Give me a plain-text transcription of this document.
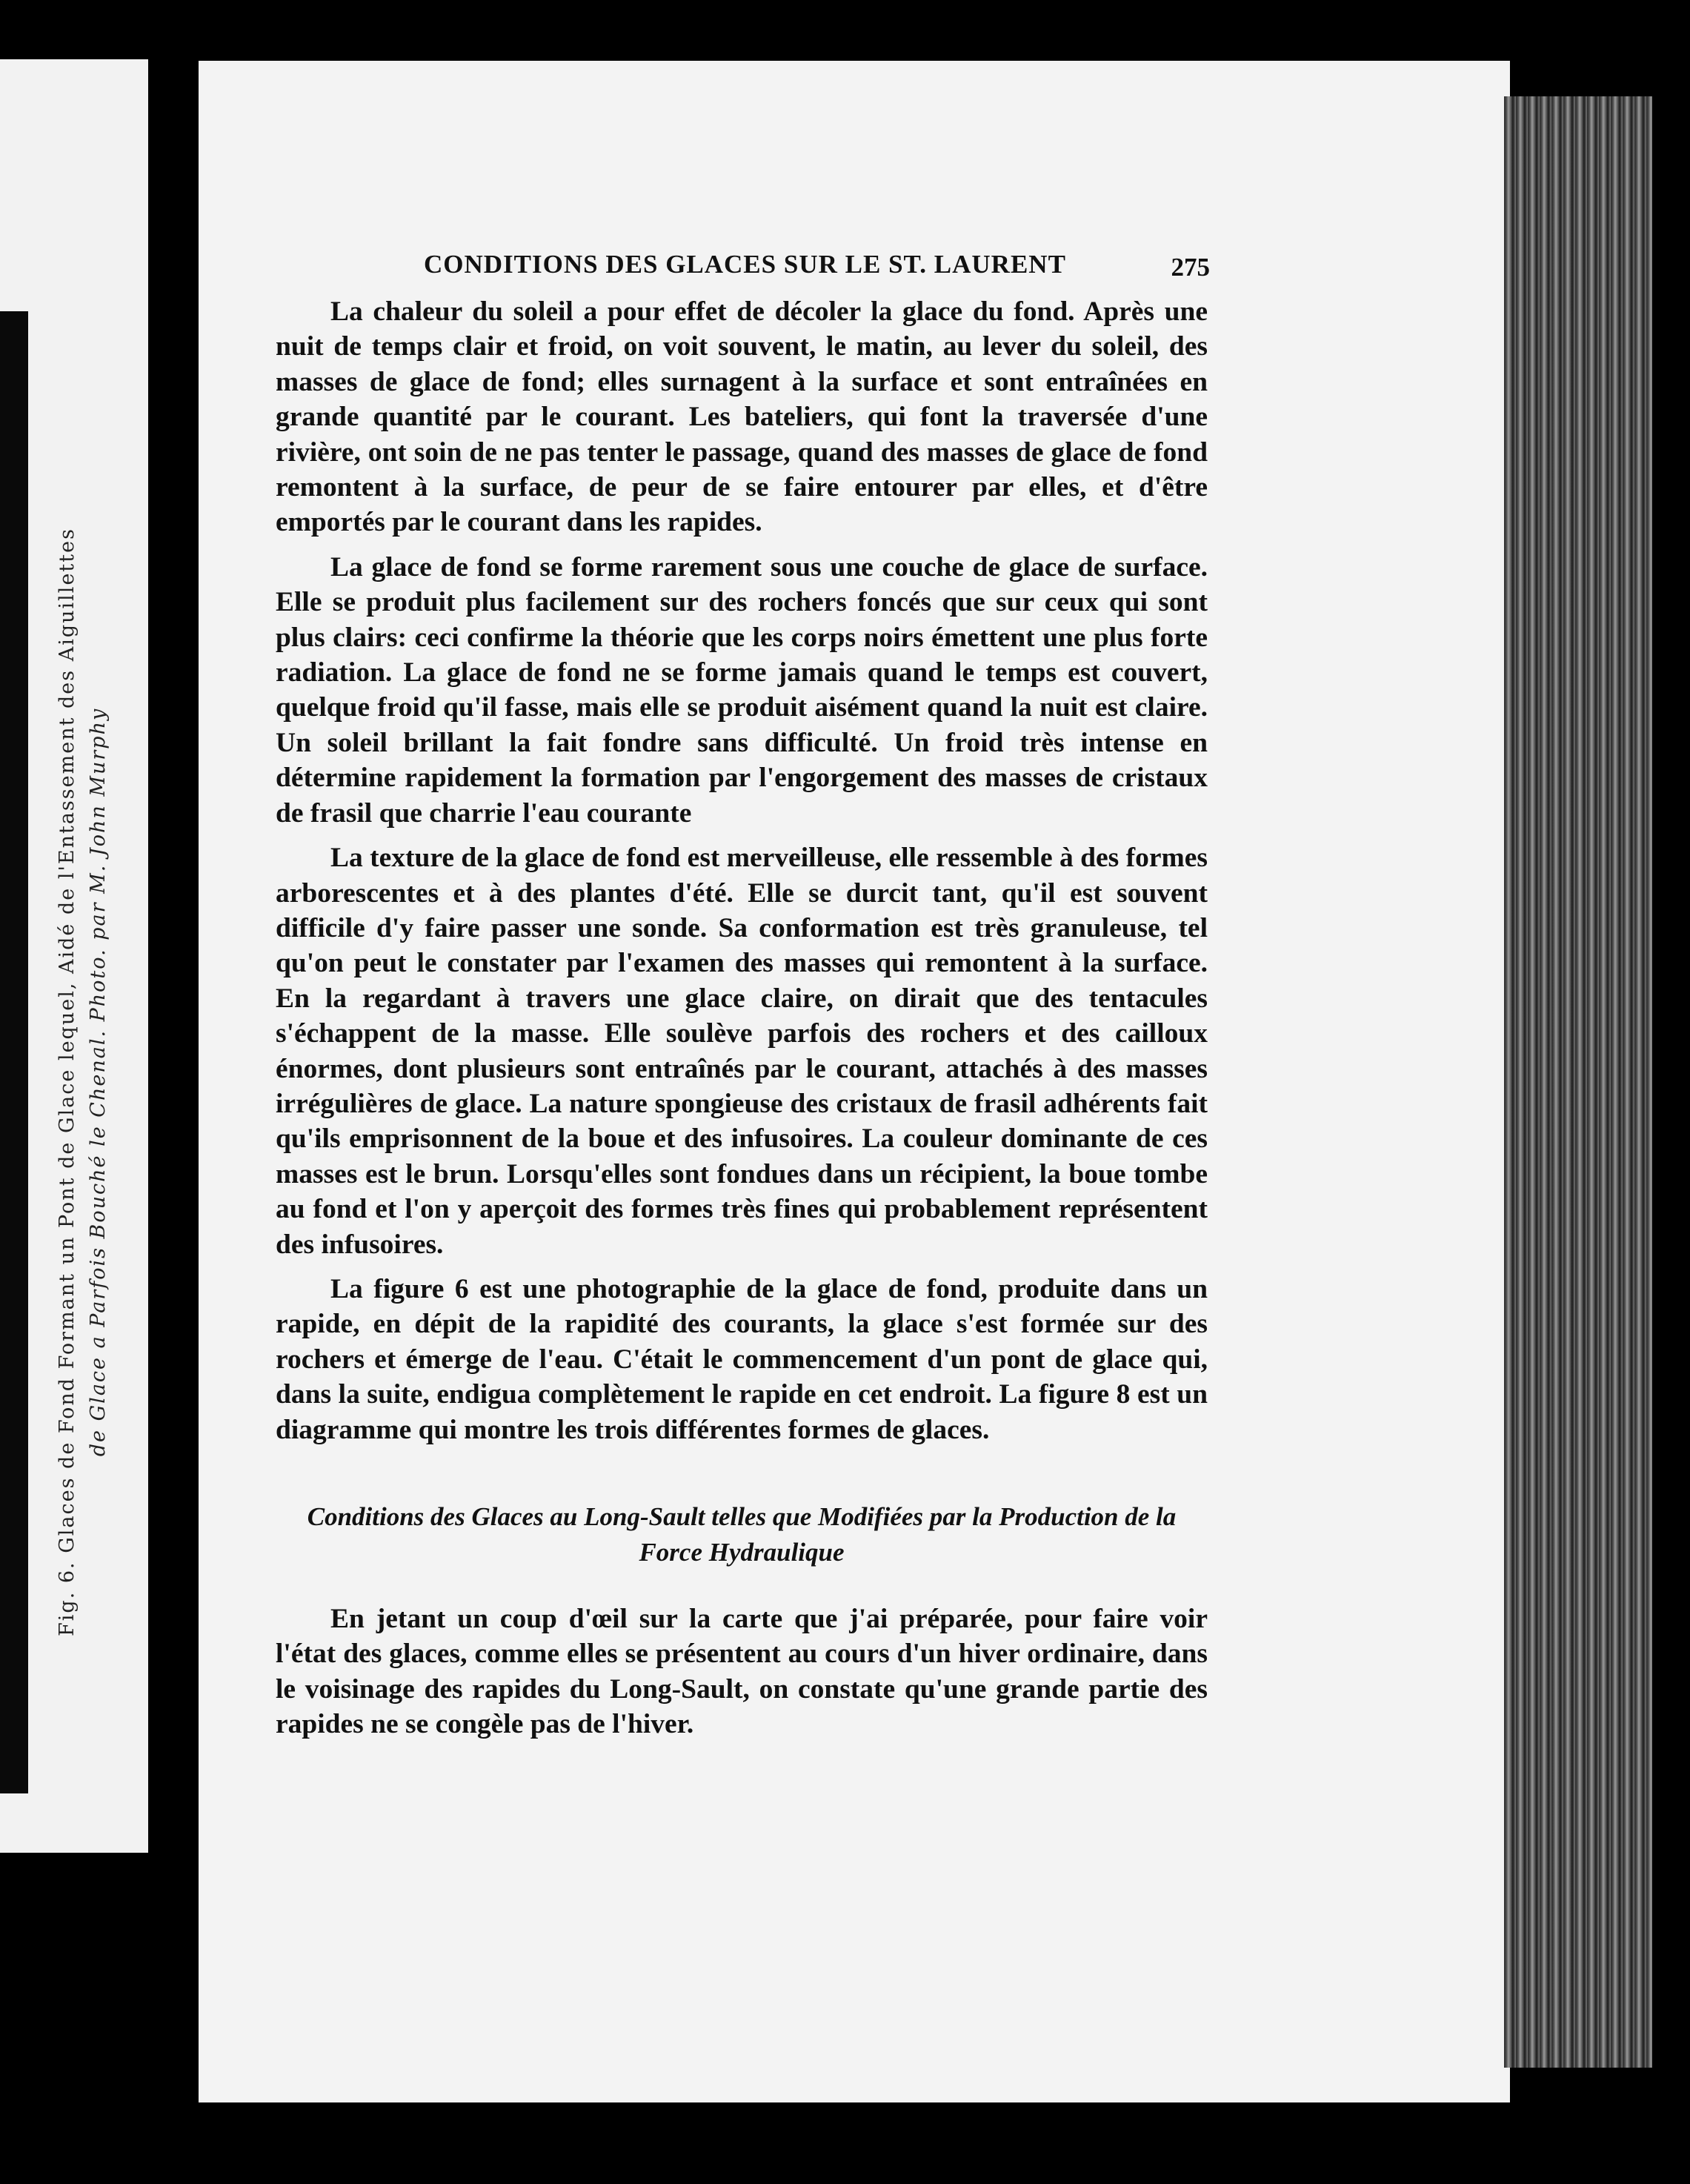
Fig. 6. Glaces de Fond Formant un Pont de Glace lequel, Aidé de l'Entassement des Aiguillettes de Glace a Parfois Bouché le Chenal. Photo. par M. John Murphy
CONDITIONS DES GLACES SUR LE ST. LAURENT	275

La chaleur du soleil a pour effet de décoler la glace du fond. Après une nuit de temps clair et froid, on voit souvent, le matin, au lever du soleil, des masses de glace de fond; elles surnagent à la surface et sont entraînées en grande quantité par le courant. Les bateliers, qui font la traversée d'une rivière, ont soin de ne pas tenter le passage, quand des masses de glace de fond remontent à la surface, de peur de se faire entourer par elles, et d'être emportés par le courant dans les rapides.

La glace de fond se forme rarement sous une couche de glace de surface. Elle se produit plus facilement sur des rochers foncés que sur ceux qui sont plus clairs: ceci confirme la théorie que les corps noirs émettent une plus forte radiation. La glace de fond ne se forme jamais quand le temps est couvert, quelque froid qu'il fasse, mais elle se produit aisément quand la nuit est claire. Un soleil brillant la fait fondre sans difficulté. Un froid très intense en détermine rapidement la formation par l'engorgement des masses de cristaux de frasil que charrie l'eau courante

La texture de la glace de fond est merveilleuse, elle ressemble à des formes arborescentes et à des plantes d'été. Elle se durcit tant, qu'il est souvent difficile d'y faire passer une sonde. Sa conformation est très granuleuse, tel qu'on peut le constater par l'examen des masses qui remontent à la surface. En la regardant à travers une glace claire, on dirait que des tentacules s'échappent de la masse. Elle soulève parfois des rochers et des cailloux énormes, dont plusieurs sont entraînés par le courant, attachés à des masses irrégulières de glace. La nature spongieuse des cristaux de frasil adhérents fait qu'ils emprisonnent de la boue et des infusoires. La couleur dominante de ces masses est le brun. Lorsqu'elles sont fondues dans un récipient, la boue tombe au fond et l'on y aperçoit des formes très fines qui probablement représentent des infusoires.

La figure 6 est une photographie de la glace de fond, produite dans un rapide, en dépit de la rapidité des courants, la glace s'est formée sur des rochers et émerge de l'eau. C'était le commencement d'un pont de glace qui, dans la suite, endigua complètement le rapide en cet endroit. La figure 8 est un diagramme qui montre les trois différentes formes de glaces.

Conditions des Glaces au Long-Sault telles que Modifiées par la Production de la Force Hydraulique

En jetant un coup d'œil sur la carte que j'ai préparée, pour faire voir l'état des glaces, comme elles se présentent au cours d'un hiver ordinaire, dans le voisinage des rapides du Long-Sault, on constate qu'une grande partie des rapides ne se congèle pas de l'hiver.
